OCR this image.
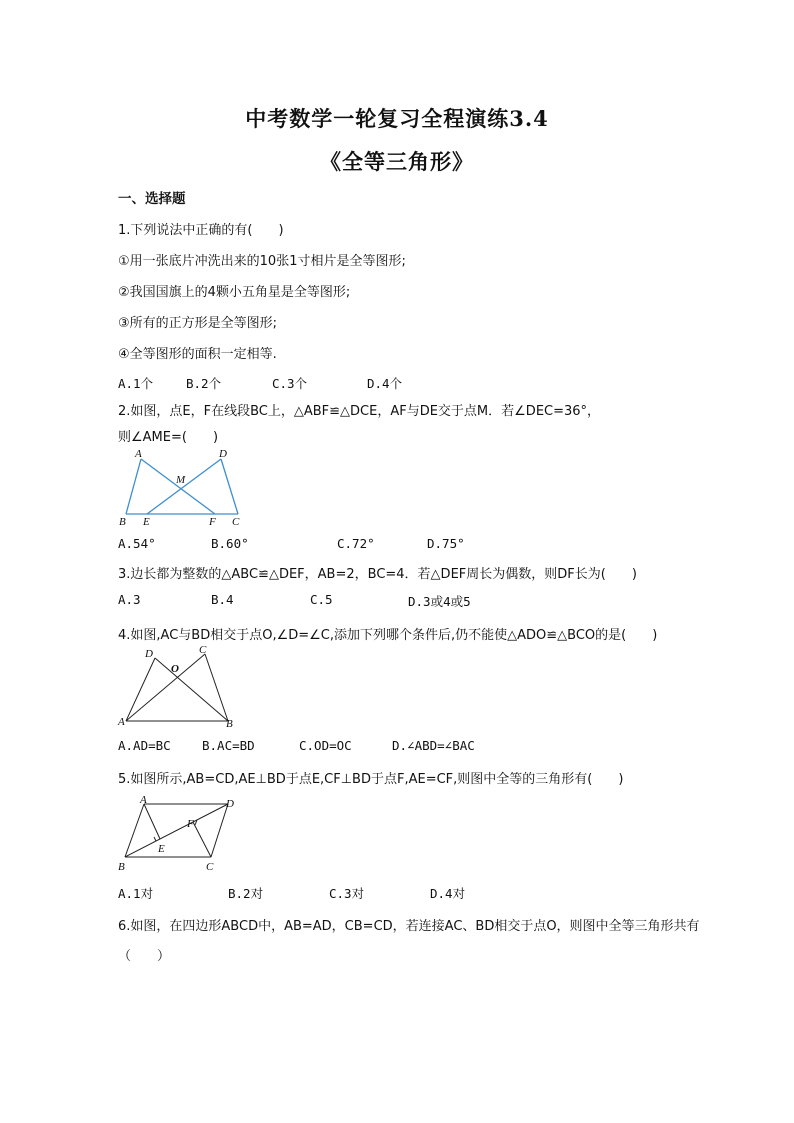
中考数学一轮复习全程演练3.4
《全等三角形》
一、选择题
1.下列说法中正确的有(　　)
①用一张底片冲洗出来的10张1寸相片是全等图形;
②我国国旗上的4颗小五角星是全等图形;
③所有的正方形是全等图形;
④全等图形的面积一定相等.
A.1个	B.2个	C.3个	D.4个
2.如图，点E，F在线段BC上，△ABF≌△DCE，AF与DE交于点M．若∠DEC=36°，
则∠AME=(　　)
A	D
M
B E	F C
A.54°	B.60°	C.72°	D.75°
3.边长都为整数的△ABC≌△DEF，AB=2，BC=4．若△DEF周长为偶数，则DF长为(　　)
A.3	B.4	C.5	D.3或4或5
4.如图,AC与BD相交于点O,∠D=∠C,添加下列哪个条件后,仍不能使△ADO≌△BCO的是(　　)
D
O
C
A	B
A.AD=BC	B.AC=BD	C.OD=OC	D.∠ABD=∠BAC
5.如图所示,AB=CD,AE⊥BD于点E,CF⊥BD于点F,AE=CF,则图中全等的三角形有(　　)
A	D
F
E
B	C
A.1对	B.2对	C.3对	D.4对
6.如图，在四边形ABCD中，AB=AD，CB=CD，若连接AC、BD相交于点O，则图中全等三角形共有
（　　）
